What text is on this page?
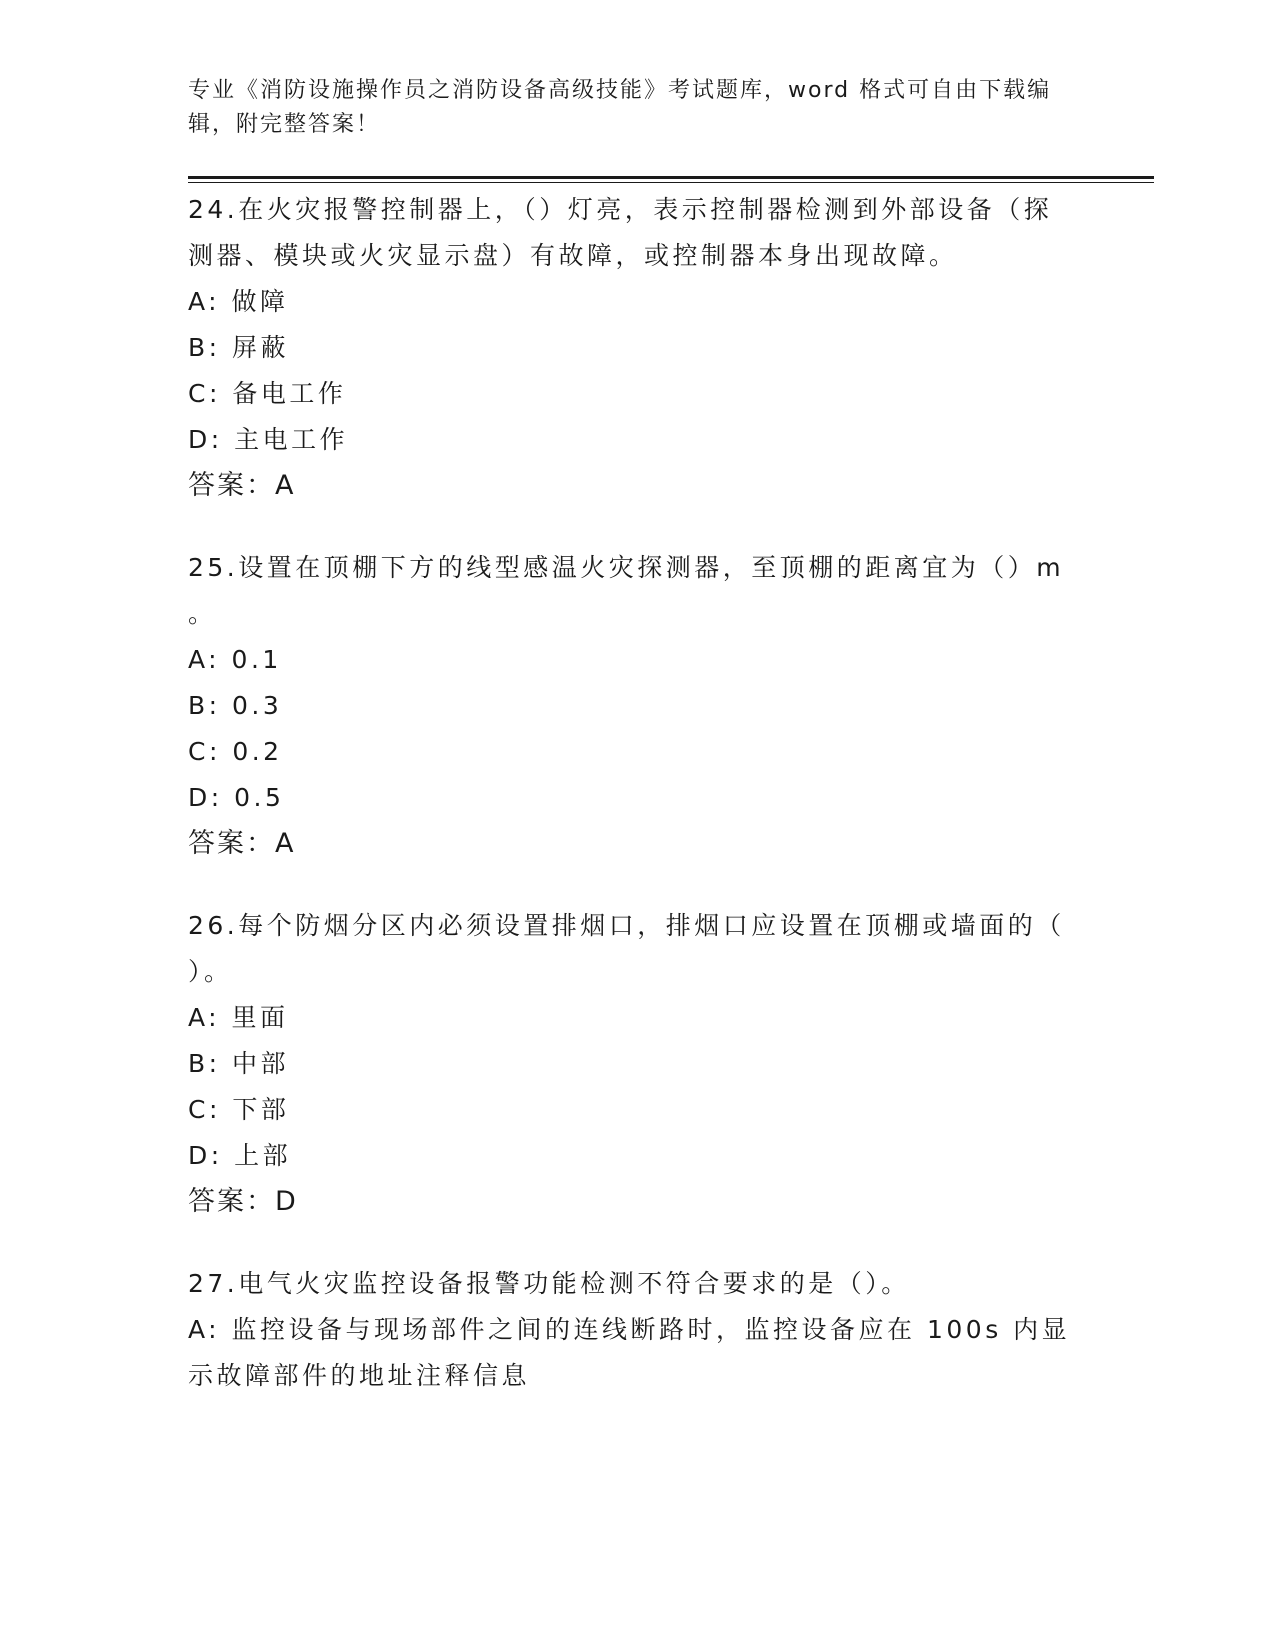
专业《消防设施操作员之消防设备高级技能》考试题库，word 格式可自由下载编
辑，附完整答案！
24.在火灾报警控制器上，（）灯亮，表示控制器检测到外部设备（探
测器、模块或火灾显示盘）有故障，或控制器本身出现故障。
A: 做障
B: 屏蔽
C: 备电工作
D: 主电工作
答案：A
25.设置在顶棚下方的线型感温火灾探测器，至顶棚的距离宜为（）m
。
A: 0.1
B: 0.3
C: 0.2
D: 0.5
答案：A
26.每个防烟分区内必须设置排烟口，排烟口应设置在顶棚或墙面的（
）。
A: 里面
B: 中部
C: 下部
D: 上部
答案：D
27.电气火灾监控设备报警功能检测不符合要求的是（）。
A: 监控设备与现场部件之间的连线断路时，监控设备应在 100s 内显
示故障部件的地址注释信息
